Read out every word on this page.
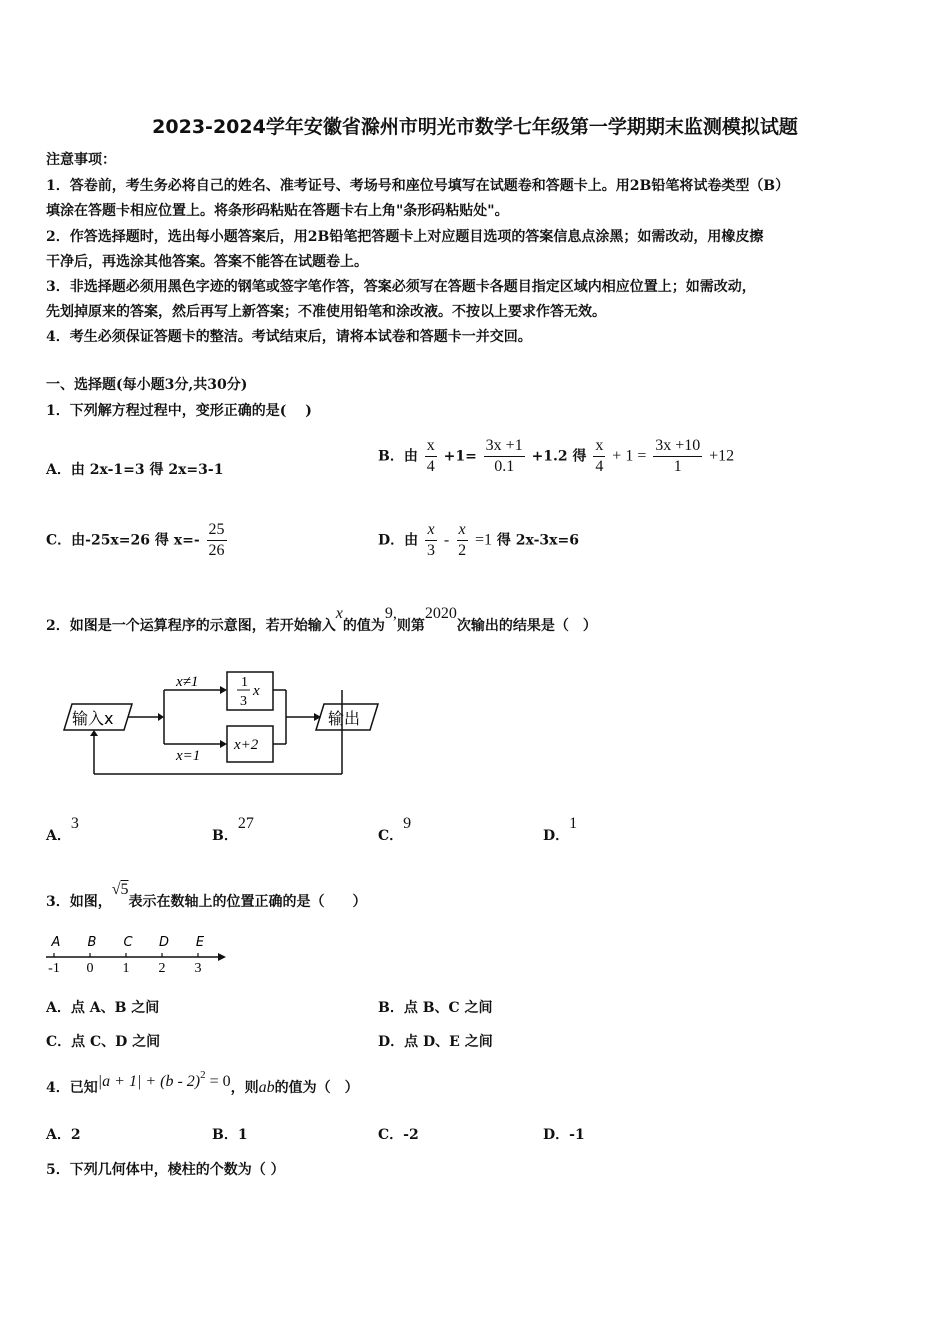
2023-2024学年安徽省滁州市明光市数学七年级第一学期期末监测模拟试题
注意事项：
1．答卷前，考生务必将自己的姓名、准考证号、考场号和座位号填写在试题卷和答题卡上。用2B铅笔将试卷类型（B）
填涂在答题卡相应位置上。将条形码粘贴在答题卡右上角"条形码粘贴处"。
2．作答选择题时，选出每小题答案后，用2B铅笔把答题卡上对应题目选项的答案信息点涂黑；如需改动，用橡皮擦
干净后，再选涂其他答案。答案不能答在试题卷上。
3．非选择题必须用黑色字迹的钢笔或签字笔作答，答案必须写在答题卡各题目指定区域内相应位置上；如需改动，
先划掉原来的答案，然后再写上新答案；不准使用铅笔和涂改液。不按以上要求作答无效。
4．考生必须保证答题卡的整洁。考试结束后，请将本试卷和答题卡一并交回。
一、选择题(每小题3分,共30分)
1．下列解方程过程中，变形正确的是(　 )
A．由 2x-1=3 得 2x=3-1
B．由 $\frac{x}{4} +1= \frac{3x +1}{0.1} +1.2$ 得 $\frac{x}{4} + 1 = \frac{3x +10}{1} +12$
C．由-25x=26 得 $x=- \frac{25}{26}$	D．由 $\frac{x}{3} - \frac{x}{2} =1$ 得 2x-3x=6
2．如图是一个运算程序的示意图，若开始输入x的值为9,则第2020次输出的结果是（　）
输入x
x≠1	1
3
x
x=1
x+2
输出
A．3
B．27
C．9
D．1
3．如图，√5表示在数轴上的位置正确的是（　　）
A
-1
B
0
C
1
D
2
E
3
A．点 A、B 之间	B．点 B、C 之间
C．点 C、D 之间	D．点 D、E 之间
4．已知|a + 1| + (b - 2)$^2$ = 0，则ab的值为（　）
A．2	B．1	C．-2	D．-1
5．下列几何体中，棱柱的个数为（ ）
